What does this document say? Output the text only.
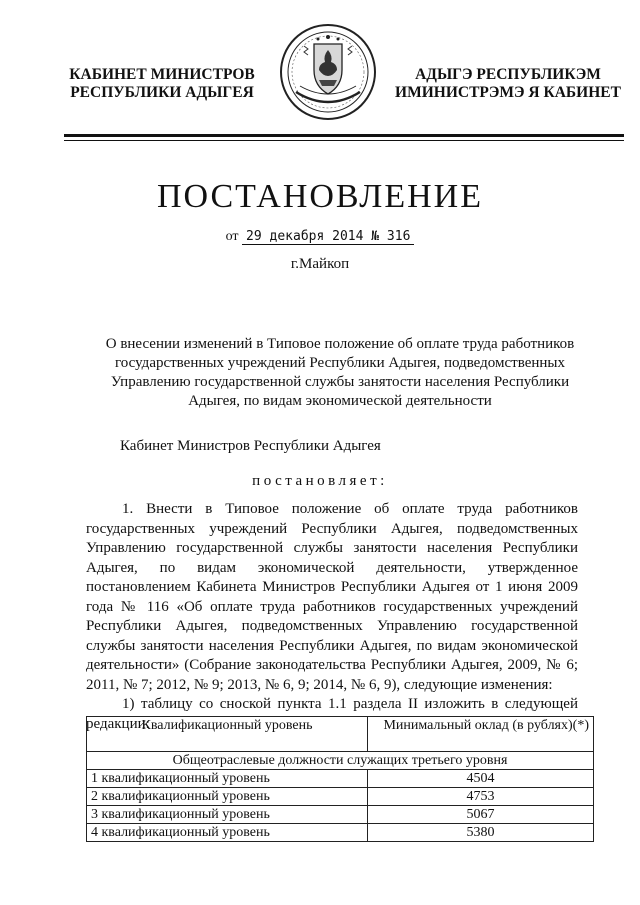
КАБИНЕТ МИНИСТРОВ
РЕСПУБЛИКИ АДЫГЕЯ
АДЫГЭ РЕСПУБЛИКЭМ
ИМИНИСТРЭМЭ Я КАБИНЕТ
ПОСТАНОВЛЕНИЕ
от 29 декабря 2014 № 316
г.Майкоп
О внесении изменений в Типовое положение об оплате труда работников
государственных учреждений Республики Адыгея, подведомственных
Управлению государственной службы занятости населения Республики
Адыгея, по видам экономической деятельности
Кабинет Министров Республики Адыгея
постановляет:

1. Внести в Типовое положение об оплате труда работников государственных учреждений Республики Адыгея, подведомственных Управлению государственной службы занятости населения Республики Адыгея, по видам экономической деятельности, утвержденное постановлением Кабинета Министров Республики Адыгея от 1 июня 2009 года № 116 «Об оплате труда работников государственных учреждений Республики Адыгея, подведомственных Управлению государственной службы занятости населения Республики Адыгея, по видам экономической деятельности» (Собрание законодательства Республики Адыгея, 2009, № 6; 2011, № 7; 2012, № 9; 2013, № 6, 9; 2014, № 6, 9), следующие изменения:

1) таблицу со сноской пункта 1.1 раздела II изложить в следующей редакции:

Квалификационный уровень	Минимальный оклад (в рублях)(*)
Общеотраслевые должности служащих третьего уровня	
1 квалификационный уровень	4504
2 квалификационный уровень	4753
3 квалификационный уровень	5067
4 квалификационный уровень	5380
